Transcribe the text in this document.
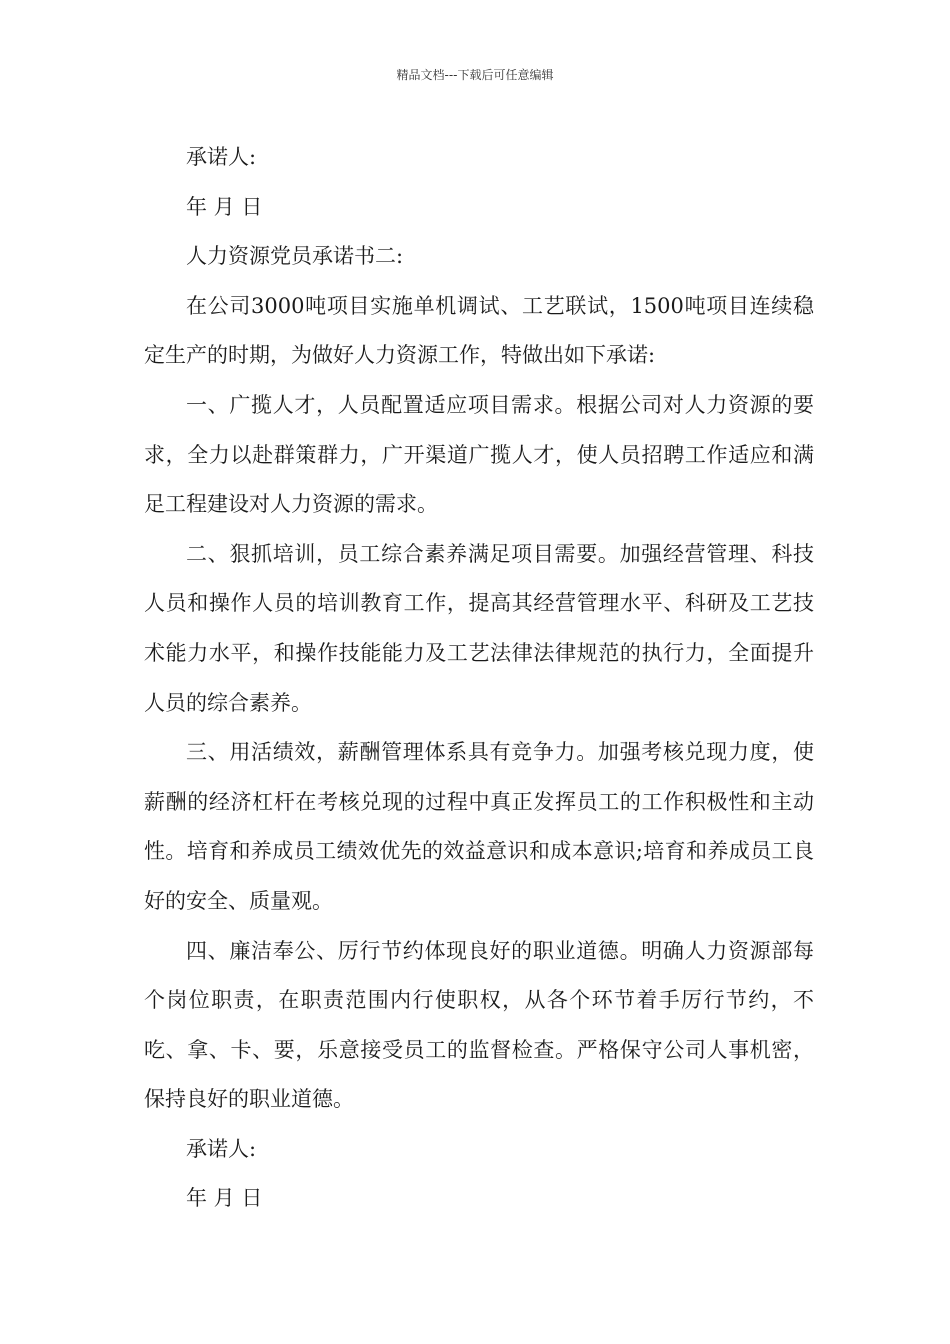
精品文档---下载后可任意编辑

承诺人:

年 月 日

人力资源党员承诺书二:

在公司3000吨项目实施单机调试、工艺联试，1500吨项目连续稳定生产的时期，为做好人力资源工作，特做出如下承诺:

一、广揽人才，人员配置适应项目需求。根据公司对人力资源的要求，全力以赴群策群力，广开渠道广揽人才，使人员招聘工作适应和满足工程建设对人力资源的需求。

二、狠抓培训，员工综合素养满足项目需要。加强经营管理、科技人员和操作人员的培训教育工作，提高其经营管理水平、科研及工艺技术能力水平，和操作技能能力及工艺法律法律规范的执行力，全面提升人员的综合素养。

三、用活绩效，薪酬管理体系具有竞争力。加强考核兑现力度，使薪酬的经济杠杆在考核兑现的过程中真正发挥员工的工作积极性和主动性。培育和养成员工绩效优先的效益意识和成本意识;培育和养成员工良好的安全、质量观。

四、廉洁奉公、厉行节约体现良好的职业道德。明确人力资源部每个岗位职责，在职责范围内行使职权，从各个环节着手厉行节约，不吃、拿、卡、要，乐意接受员工的监督检查。严格保守公司人事机密，保持良好的职业道德。

承诺人:

年 月 日
